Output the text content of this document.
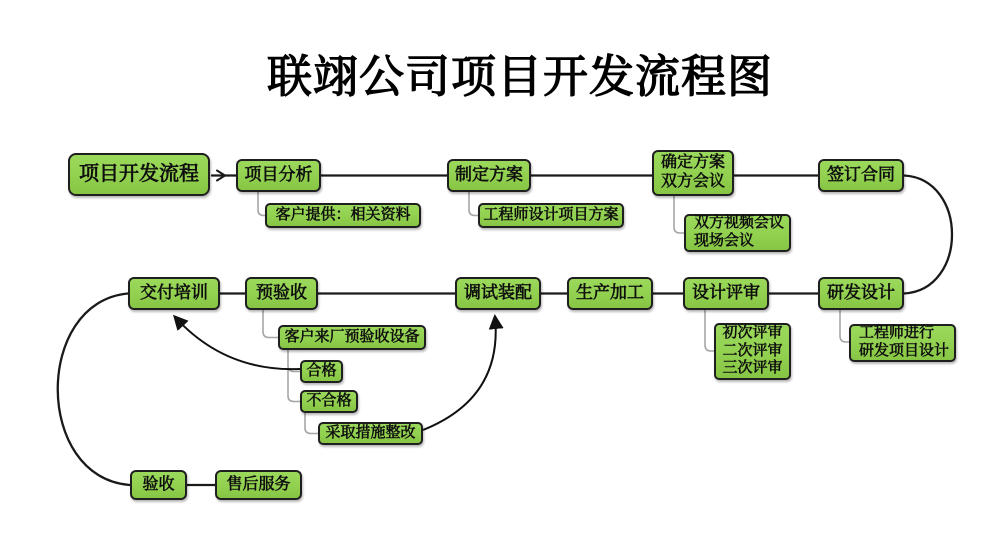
联翊公司项目开发流程图
项目开发流程	项目分析
客户提供：相关资料
制定方案
工程师设计项目方案
确定方案
双方会议
双方视频会议
现场会议
签订合同
研发设计
工程师进行
研发项目设计
设计评审
初次评审
二次评审
三次评审
生产加工
调试装配
预验收
客户来厂预验收设备
合格
不合格
采取措施整改
交付培训
验收	售后服务
